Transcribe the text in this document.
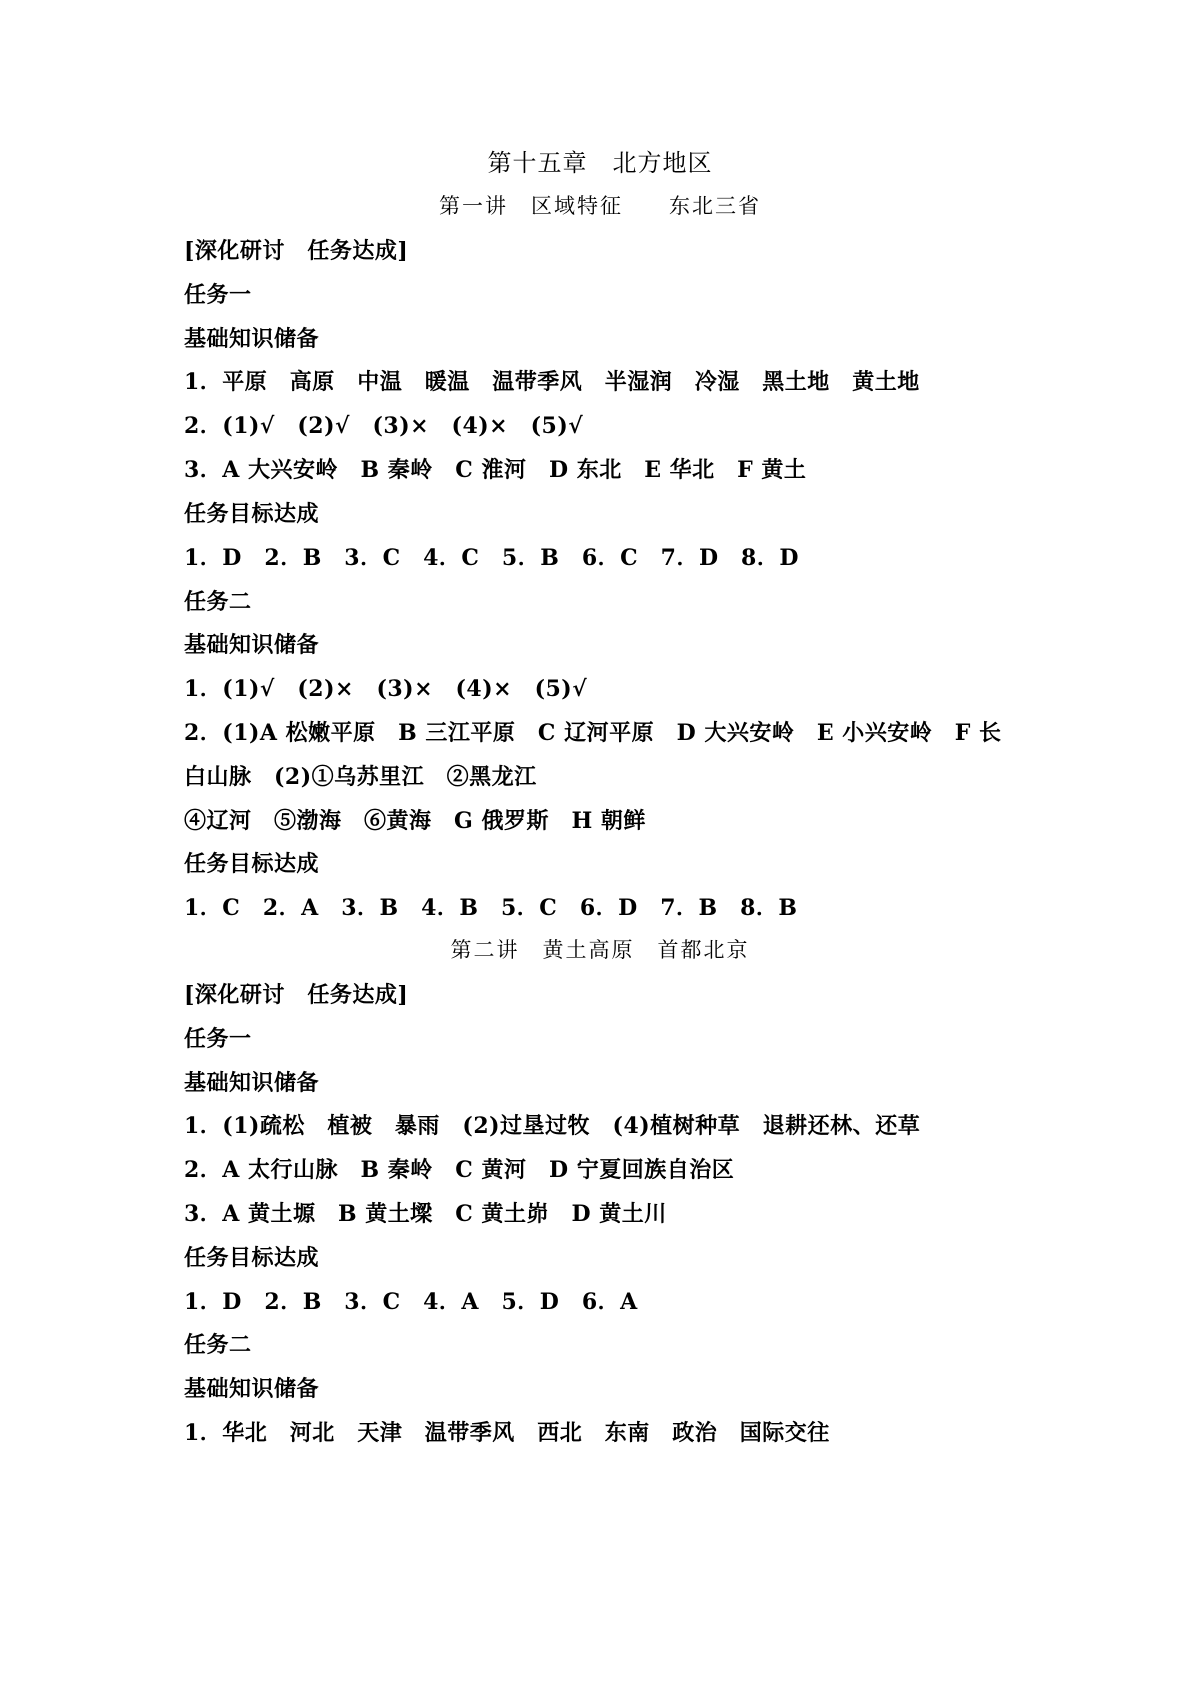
第十五章　北方地区
第一讲　区域特征　　东北三省
[深化研讨　任务达成]
任务一
基础知识储备
1．平原　高原　中温　暖温　温带季风　半湿润　冷湿　黑土地　黄土地
2．(1)√　(2)√　(3)×　(4)×　(5)√
3．A 大兴安岭　B 秦岭　C 淮河　D 东北　E 华北　F 黄土
任务目标达成
1．D　2．B　3．C　4．C　5．B　6．C　7．D　8．D
任务二
基础知识储备
1．(1)√　(2)×　(3)×　(4)×　(5)√
2．(1)A 松嫩平原　B 三江平原　C 辽河平原　D 大兴安岭　E 小兴安岭　F 长
白山脉　(2)①乌苏里江　②黑龙江
④辽河　⑤渤海　⑥黄海　G 俄罗斯　H 朝鲜
任务目标达成
1．C　2．A　3．B　4．B　5．C　6．D　7．B　8．B
第二讲　黄土高原　首都北京
[深化研讨　任务达成]
任务一
基础知识储备
1．(1)疏松　植被　暴雨　(2)过垦过牧　(4)植树种草　退耕还林、还草
2．A 太行山脉　B 秦岭　C 黄河　D 宁夏回族自治区
3．A 黄土塬　B 黄土墚　C 黄土峁　D 黄土川
任务目标达成
1．D　2．B　3．C　4．A　5．D　6．A
任务二
基础知识储备
1．华北　河北　天津　温带季风　西北　东南　政治　国际交往
